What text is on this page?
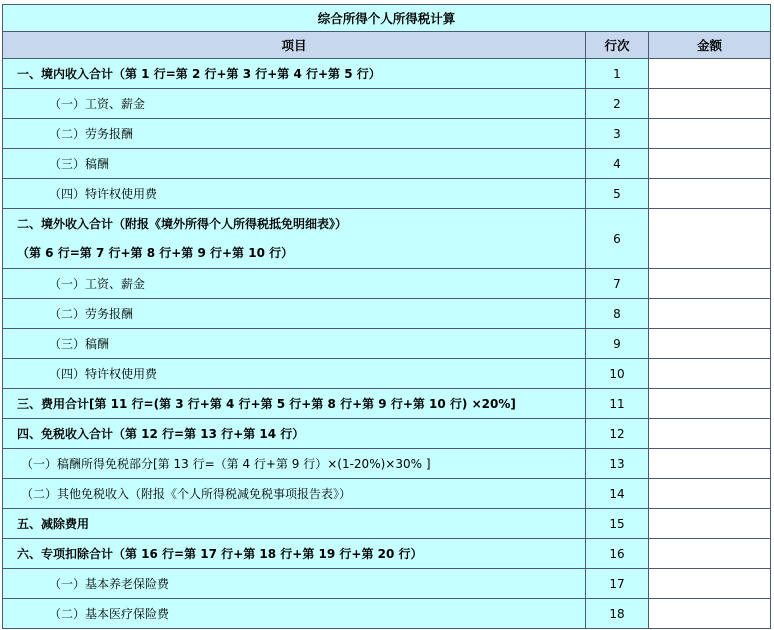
综合所得个人所得税计算		
项目	行次	金额
一、境内收入合计（第 1 行=第 2 行+第 3 行+第 4 行+第 5 行）	1	
（一）工资、薪金	2	
（二）劳务报酬	3	
（三）稿酬	4	
（四）特许权使用费	5	

二、境外收入合计（附报《境外所得个人所得税抵免明细表》）
（第 6 行=第 7 行+第 8 行+第 9 行+第 10 行）	6	
（一）工资、薪金	7	
（二）劳务报酬	8	
（三）稿酬	9	
（四）特许权使用费	10	
三、费用合计[第 11 行=(第 3 行+第 4 行+第 5 行+第 8 行+第 9 行+第 10 行) ×20%]	11	
四、免税收入合计（第 12 行=第 13 行+第 14 行）	12	
（一）稿酬所得免税部分[第 13 行=（第 4 行+第 9 行）×(1-20%)×30% ]	13	
（二）其他免税收入（附报《个人所得税减免税事项报告表》）	14	
五、减除费用	15	
六、专项扣除合计（第 16 行=第 17 行+第 18 行+第 19 行+第 20 行）	16	
（一）基本养老保险费	17	
（二）基本医疗保险费	18	
